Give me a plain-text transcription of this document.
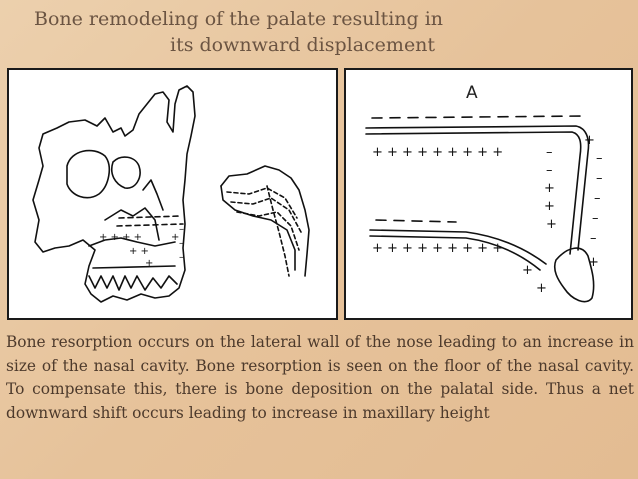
Bone remodeling of the palate resulting in
its downward displacement
+ + + +
+ +
+
+
–
–
–
A
+ + + + + + + + +
+ + + + + + + + +
–
–
+
+
+
+
–
–
–
–
–
+
+
+
Bone resorption occurs on the lateral wall of the nose leading to an increase in size of the nasal cavity. Bone resorption is seen on the floor of the nasal cavity. To compensate this, there is bone deposition on the palatal side. Thus a net downward shift occurs leading to increase in maxillary height
